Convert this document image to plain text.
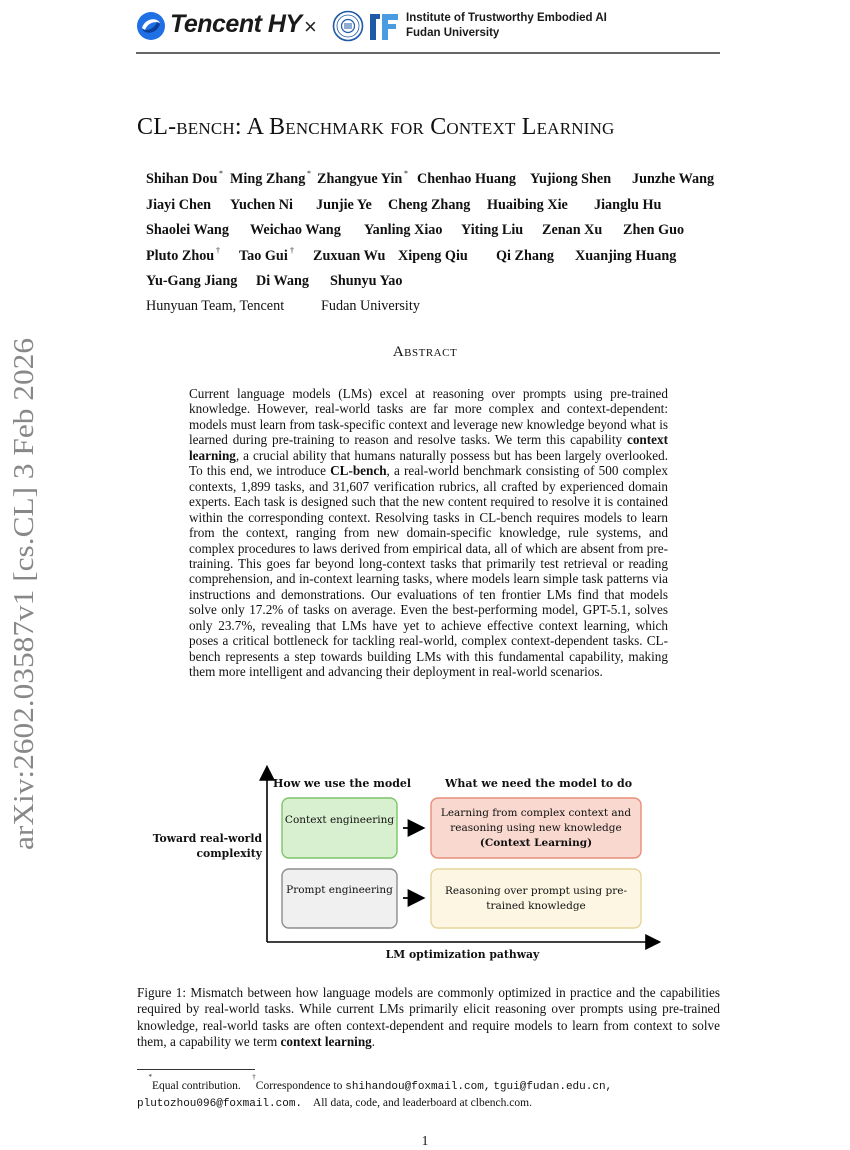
Tencent HY ×	Institute of Trustworthy Embodied AI
Fudan University
arXiv:2602.03587v1 [cs.CL] 3 Feb 2026
CL-bench: A Benchmark for Context Learning
Shihan Dou * Ming Zhang * Zhangyue Yin * Chenhao Huang Yujiong Shen Junzhe Wang
Jiayi Chen Yuchen Ni Junjie Ye Cheng Zhang Huaibing Xie Jianglu Hu
Shaolei Wang Weichao Wang Yanling Xiao Yiting Liu Zenan Xu Zhen Guo
Pluto Zhou † Tao Gui † Zuxuan Wu Xipeng Qiu Qi Zhang Xuanjing Huang
Yu-Gang Jiang Di Wang Shunyu Yao
Hunyuan Team, Tencent	Fudan University
Abstract
Current language models (LMs) excel at reasoning over prompts using pre-trained knowledge. However, real-world tasks are far more complex and context-dependent: models must learn from task-specific context and leverage new knowledge beyond what is learned during pre-training to reason and resolve tasks. We term this capability context learning, a crucial ability that humans naturally possess but has been largely overlooked. To this end, we introduce CL-bench, a real-world benchmark consisting of 500 complex contexts, 1,899 tasks, and 31,607 verification rubrics, all crafted by experienced domain experts. Each task is designed such that the new content required to resolve it is contained within the corresponding context. Resolving tasks in CL-bench requires models to learn from the context, ranging from new domain-specific knowledge, rule systems, and complex procedures to laws derived from empirical data, all of which are absent from pre-training. This goes far beyond long-context tasks that primarily test retrieval or reading comprehension, and in-context learning tasks, where models learn simple task patterns via instructions and demonstrations. Our evaluations of ten frontier LMs find that models solve only 17.2% of tasks on average. Even the best-performing model, GPT-5.1, solves only 23.7%, revealing that LMs have yet to achieve effective context learning, which poses a critical bottleneck for tackling real-world, complex context-dependent tasks. CL-bench represents a step towards building LMs with this fundamental capability, making them more intelligent and advancing their deployment in real-world scenarios.
How we use the model	What we need the model to do
Toward real-world complexity
Context engineering
Prompt engineering
Learning from complex context and reasoning using new knowledge
(Context Learning)
Reasoning over prompt using pre-trained knowledge
LM optimization pathway
Figure 1: Mismatch between how language models are commonly optimized in practice and the capabilities required by real-world tasks. While current LMs primarily elicit reasoning over prompts using pre-trained knowledge, real-world tasks are often context-dependent and require models to learn from context to solve them, a capability we term context learning.
*Equal contribution.    †Correspondence to shihandou@foxmail.com, tgui@fudan.edu.cn,
plutozhou096@foxmail.com. All data, code, and leaderboard at clbench.com.
1
